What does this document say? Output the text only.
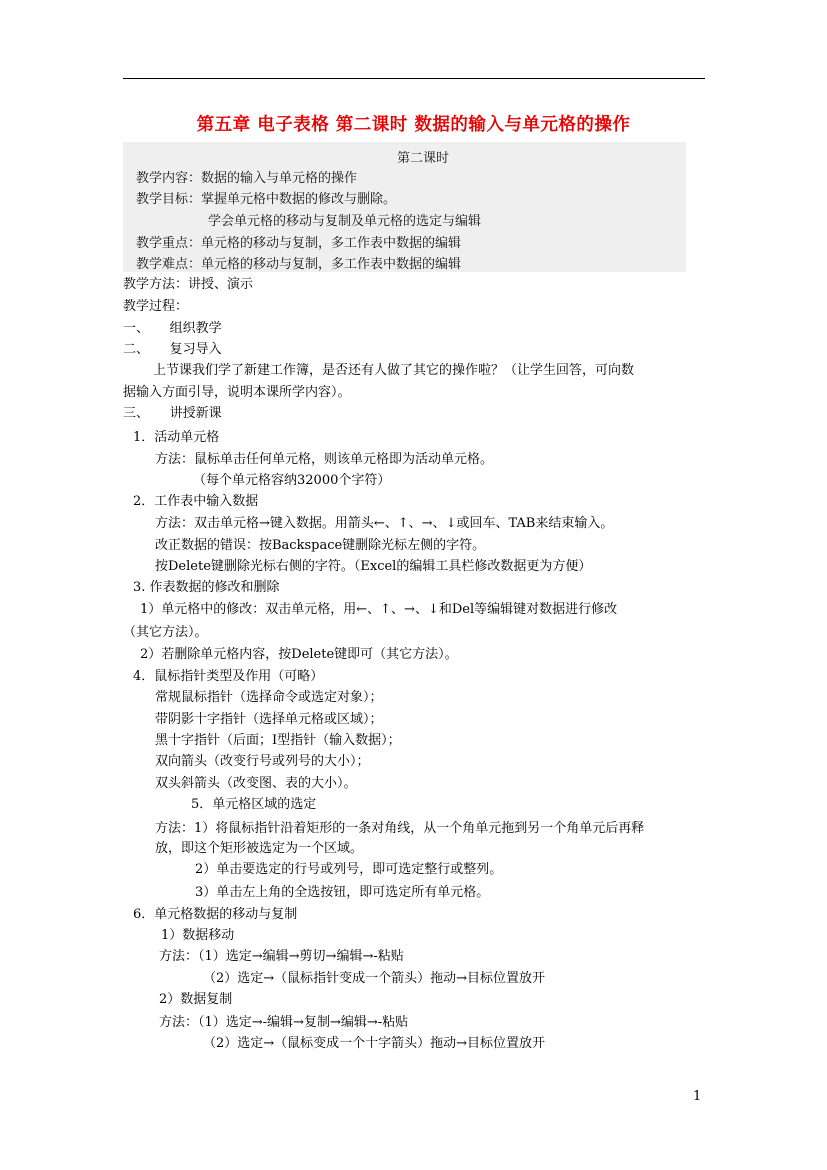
第五章 电子表格 第二课时 数据的输入与单元格的操作
第二课时
教学内容：数据的输入与单元格的操作
教学目标：掌握单元格中数据的修改与删除。
学会单元格的移动与复制及单元格的选定与编辑
教学重点：单元格的移动与复制，多工作表中数据的编辑
教学难点：单元格的移动与复制，多工作表中数据的编辑
教学方法：讲授、演示
教学过程：
一、     组织教学
二、     复习导入
上节课我们学了新建工作簿，是否还有人做了其它的操作啦？（让学生回答，可向数
据输入方面引导，说明本课所学内容）。
三、     讲授新课
1．活动单元格
方法：鼠标单击任何单元格，则该单元格即为活动单元格。
（每个单元格容纳32000个字符）
2．工作表中输入数据
方法：双击单元格→键入数据。用箭头←、↑、→、↓或回车、TAB来结束输入。
改正数据的错误：按Backspace键删除光标左侧的字符。
按Delete键删除光标右侧的字符。（Excel的编辑工具栏修改数据更为方便）
3. 作表数据的修改和删除
1）单元格中的修改：双击单元格，用←、↑、→、↓和Del等编辑键对数据进行修改
（其它方法）。
2）若删除单元格内容，按Delete键即可（其它方法）。
4．鼠标指针类型及作用（可略）
常规鼠标指针（选择命令或选定对象）；
带阴影十字指针（选择单元格或区域）；
黑十字指针（后面；I型指针（输入数据）；
双向箭头（改变行号或列号的大小）；
双头斜箭头（改变图、表的大小）。
5．单元格区域的选定
方法：1）将鼠标指针沿着矩形的一条对角线，从一个角单元拖到另一个角单元后再释
放，即这个矩形被选定为一个区域。
2）单击要选定的行号或列号，即可选定整行或整列。
3）单击左上角的全选按钮，即可选定所有单元格。
6．单元格数据的移动与复制
1）数据移动
方法：（1）选定→编辑→剪切→编辑→-粘贴
（2）选定→（鼠标指针变成一个箭头）拖动→目标位置放开
2）数据复制
方法：（1）选定→-编辑→复制→编辑→-粘贴
（2）选定→（鼠标变成一个十字箭头）拖动→目标位置放开
1
